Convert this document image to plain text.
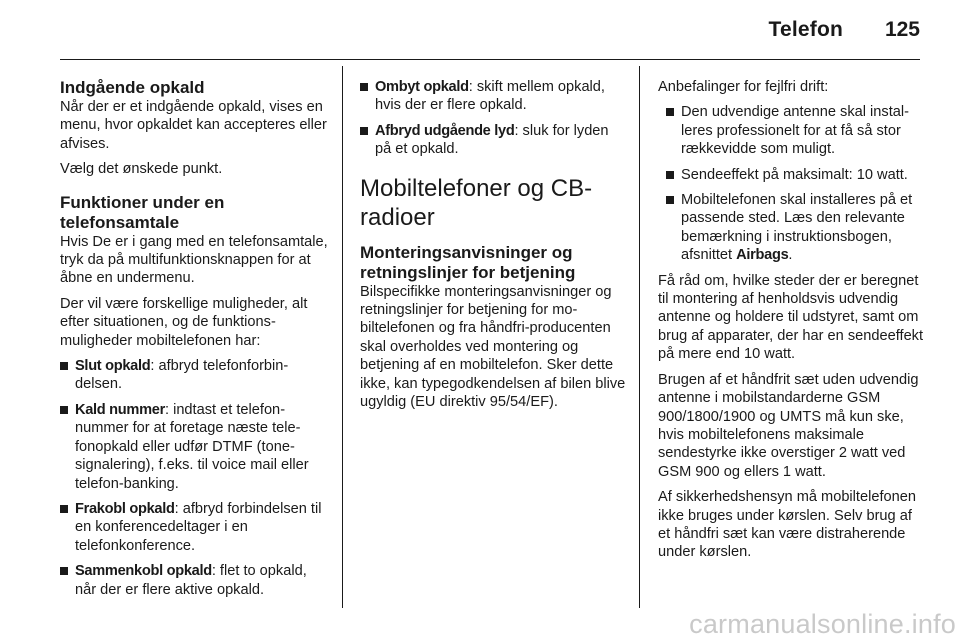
Telefon 125
Indgående opkald

Når der er et indgående opkald, vises en menu, hvor opkaldet kan accepteres eller afvises.

Vælg det ønskede punkt.

Funktioner under en telefonsamtale

Hvis De er i gang med en telefonsamtale, tryk da på multifunktionsknappen for at åbne en undermenu.

Der vil være forskellige muligheder, alt efter situationen, og de funktionsmuligheder mobiltelefonen har:

Slut opkald: afbryd telefonforbindelsen.
Kald nummer: indtast et telefonnummer for at foretage næste telefonopkald eller udfør DTMF (tonesignalering), f.eks. til voice mail eller telefon-banking.
Frakobl opkald: afbryd forbindelsen til en konferencedeltager i en telefonkonference.
Sammenkobl opkald: flet to opkald, når der er flere aktive opkald.
Ombyt opkald: skift mellem opkald, hvis der er flere opkald.
Afbryd udgående lyd: sluk for lyden på et opkald.
Mobiltelefoner og CB-radioer
Monteringsanvisninger og retningslinjer for betjening

Bilspecifikke monteringsanvisninger og retningslinjer for betjening for mobiltelefonen og fra håndfri-producenten skal overholdes ved montering og betjening af en mobiltelefon. Sker dette ikke, kan typegodkendelsen af bilen blive ugyldig (EU direktiv 95/54/EF).

Anbefalinger for fejlfri drift:

Den udvendige antenne skal installeres professionelt for at få så stor rækkevidde som muligt.
Sendeeffekt på maksimalt: 10 watt.
Mobiltelefonen skal installeres på et passende sted. Læs den relevante bemærkning i instruktionsbogen, afsnittet Airbags.

Få råd om, hvilke steder der er beregnet til montering af henholdsvis udvendig antenne og holdere til udstyret, samt om brug af apparater, der har en sendeeffekt på mere end 10 watt.

Brugen af et håndfrit sæt uden udvendig antenne i mobilstandarderne GSM 900/1800/1900 og UMTS må kun ske, hvis mobiltelefonens maksimale sendestyrke ikke overstiger 2 watt ved GSM 900 og ellers 1 watt.

Af sikkerhedshensyn må mobiltelefonen ikke bruges under kørslen. Selv brug af et håndfri sæt kan være distraherende under kørslen.

carmanualsonline.info
